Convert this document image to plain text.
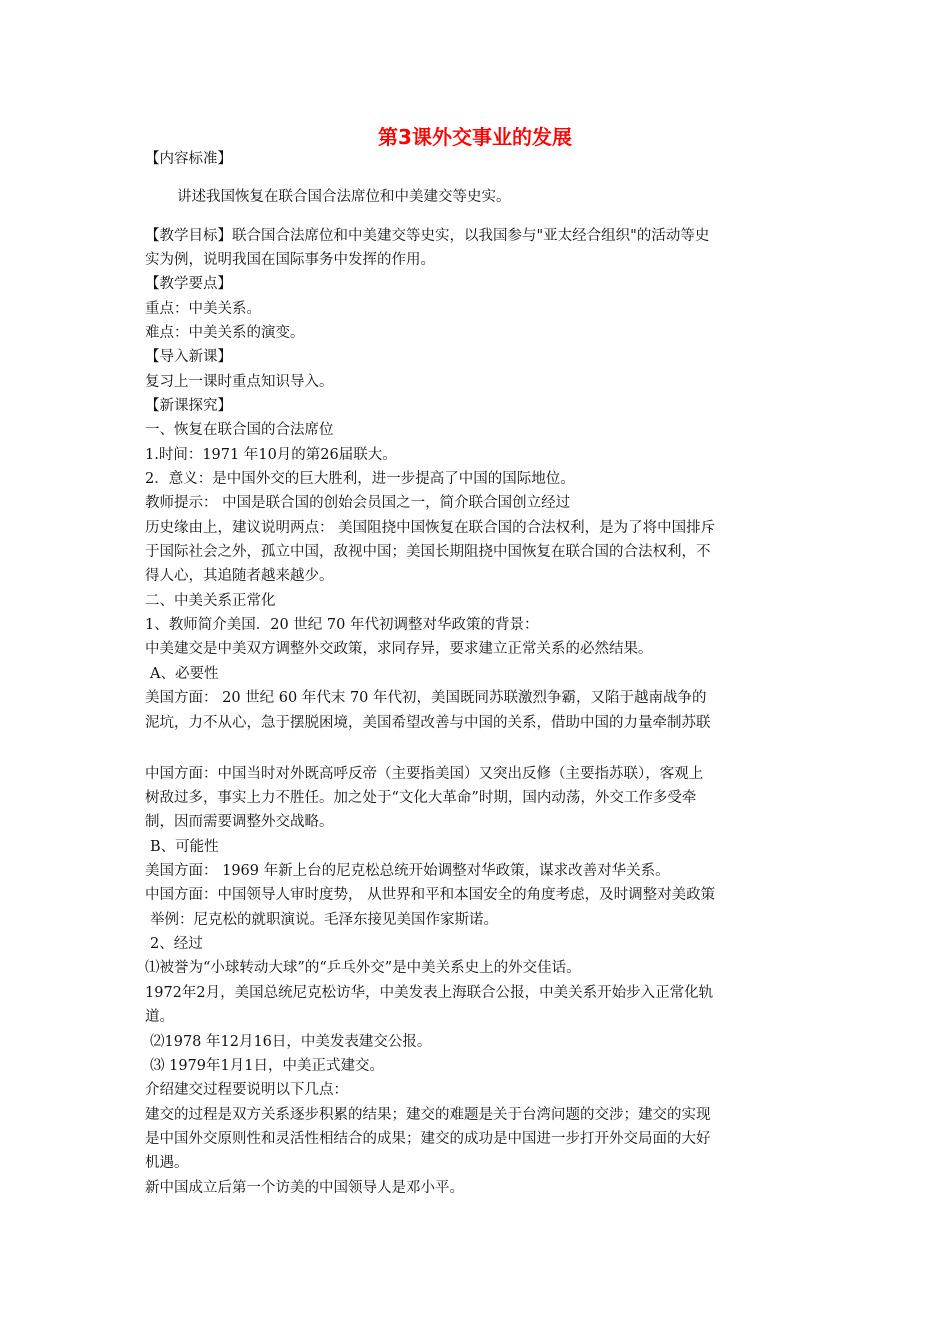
第3课外交事业的发展
【内容标准】
讲述我国恢复在联合国合法席位和中美建交等史实。
【教学目标】联合国合法席位和中美建交等史实，以我国参与"亚太经合组织"的活动等史
实为例，说明我国在国际事务中发挥的作用。
【教学要点】
重点：中美关系。
难点：中美关系的演变。
【导入新课】
复习上一课时重点知识导入。
【新课探究】
一、恢复在联合国的合法席位
1.时间：1971 年10月的第26届联大。
2．意义：是中国外交的巨大胜利，进一步提高了中国的国际地位。
教师提示： 中国是联合国的创始会员国之一，简介联合国创立经过
历史缘由上，建议说明两点： 美国阻挠中国恢复在联合国的合法权利，是为了将中国排斥
于国际社会之外，孤立中国，敌视中国；美国长期阻挠中国恢复在联合国的合法权利，不
得人心，其追随者越来越少。
二、中美关系正常化
1、教师简介美国．20 世纪 70 年代初调整对华政策的背景：
中美建交是中美双方调整外交政策，求同存异，要求建立正常关系的必然结果。
A、必要性
美国方面： 20 世纪 60 年代末 70 年代初，美国既同苏联激烈争霸，又陷于越南战争的
泥坑，力不从心，急于摆脱困境，美国希望改善与中国的关系，借助中国的力量牵制苏联
中国方面：中国当时对外既高呼反帝（主要指美国）又突出反修（主要指苏联），客观上
树敌过多，事实上力不胜任。加之处于“文化大革命”时期，国内动荡，外交工作多受牵
制，因而需要调整外交战略。
B、可能性
美国方面： 1969 年新上台的尼克松总统开始调整对华政策，谋求改善对华关系。
中国方面：中国领导人审时度势， 从世界和平和本国安全的角度考虑，及时调整对美政策
举例：尼克松的就职演说。毛泽东接见美国作家斯诺。
2、经过
⑴被誉为“小球转动大球”的“乒乓外交”是中美关系史上的外交佳话。
1972年2月，美国总统尼克松访华，中美发表上海联合公报，中美关系开始步入正常化轨
道。
⑵1978 年12月16日，中美发表建交公报。
⑶ 1979年1月1日，中美正式建交。
介绍建交过程要说明以下几点：
建交的过程是双方关系逐步积累的结果；建交的难题是关于台湾问题的交涉；建交的实现
是中国外交原则性和灵活性相结合的成果；建交的成功是中国进一步打开外交局面的大好
机遇。
新中国成立后第一个访美的中国领导人是邓小平。
